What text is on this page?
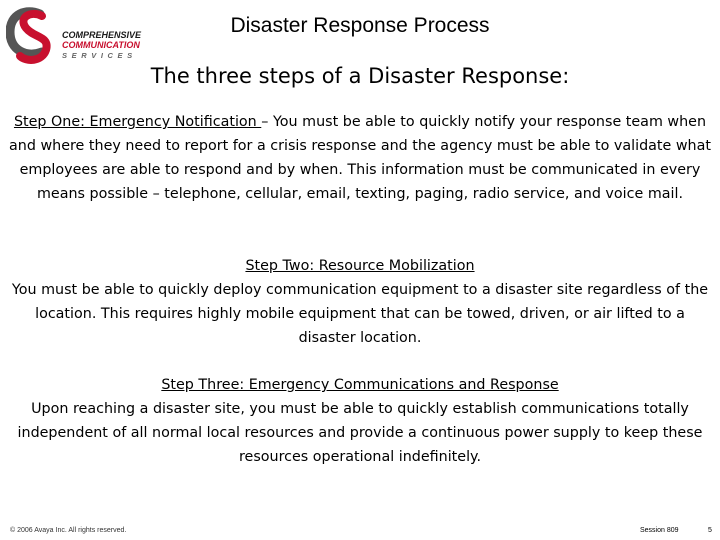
COMPREHENSIVE
COMMUNICATION
SERVICES
Disaster Response Process
The three steps of a Disaster Response:
Step One: Emergency Notification – You must be able to quickly notify your response team when and where they need to report for a crisis response and the agency must be able to validate what employees are able to respond and by when. This information must be communicated in every means possible – telephone, cellular, email, texting, paging, radio service, and voice mail.
Step Two: Resource Mobilization
You must be able to quickly deploy communication equipment to a disaster site regardless of the location. This requires highly mobile equipment that can be towed, driven, or air lifted to a disaster location.
Step Three: Emergency Communications and Response
Upon reaching a disaster site, you must be able to quickly establish communications totally independent of all normal local resources and provide a continuous power supply to keep these resources operational indefinitely.
© 2006 Avaya Inc. All rights reserved.	Session 809	5
